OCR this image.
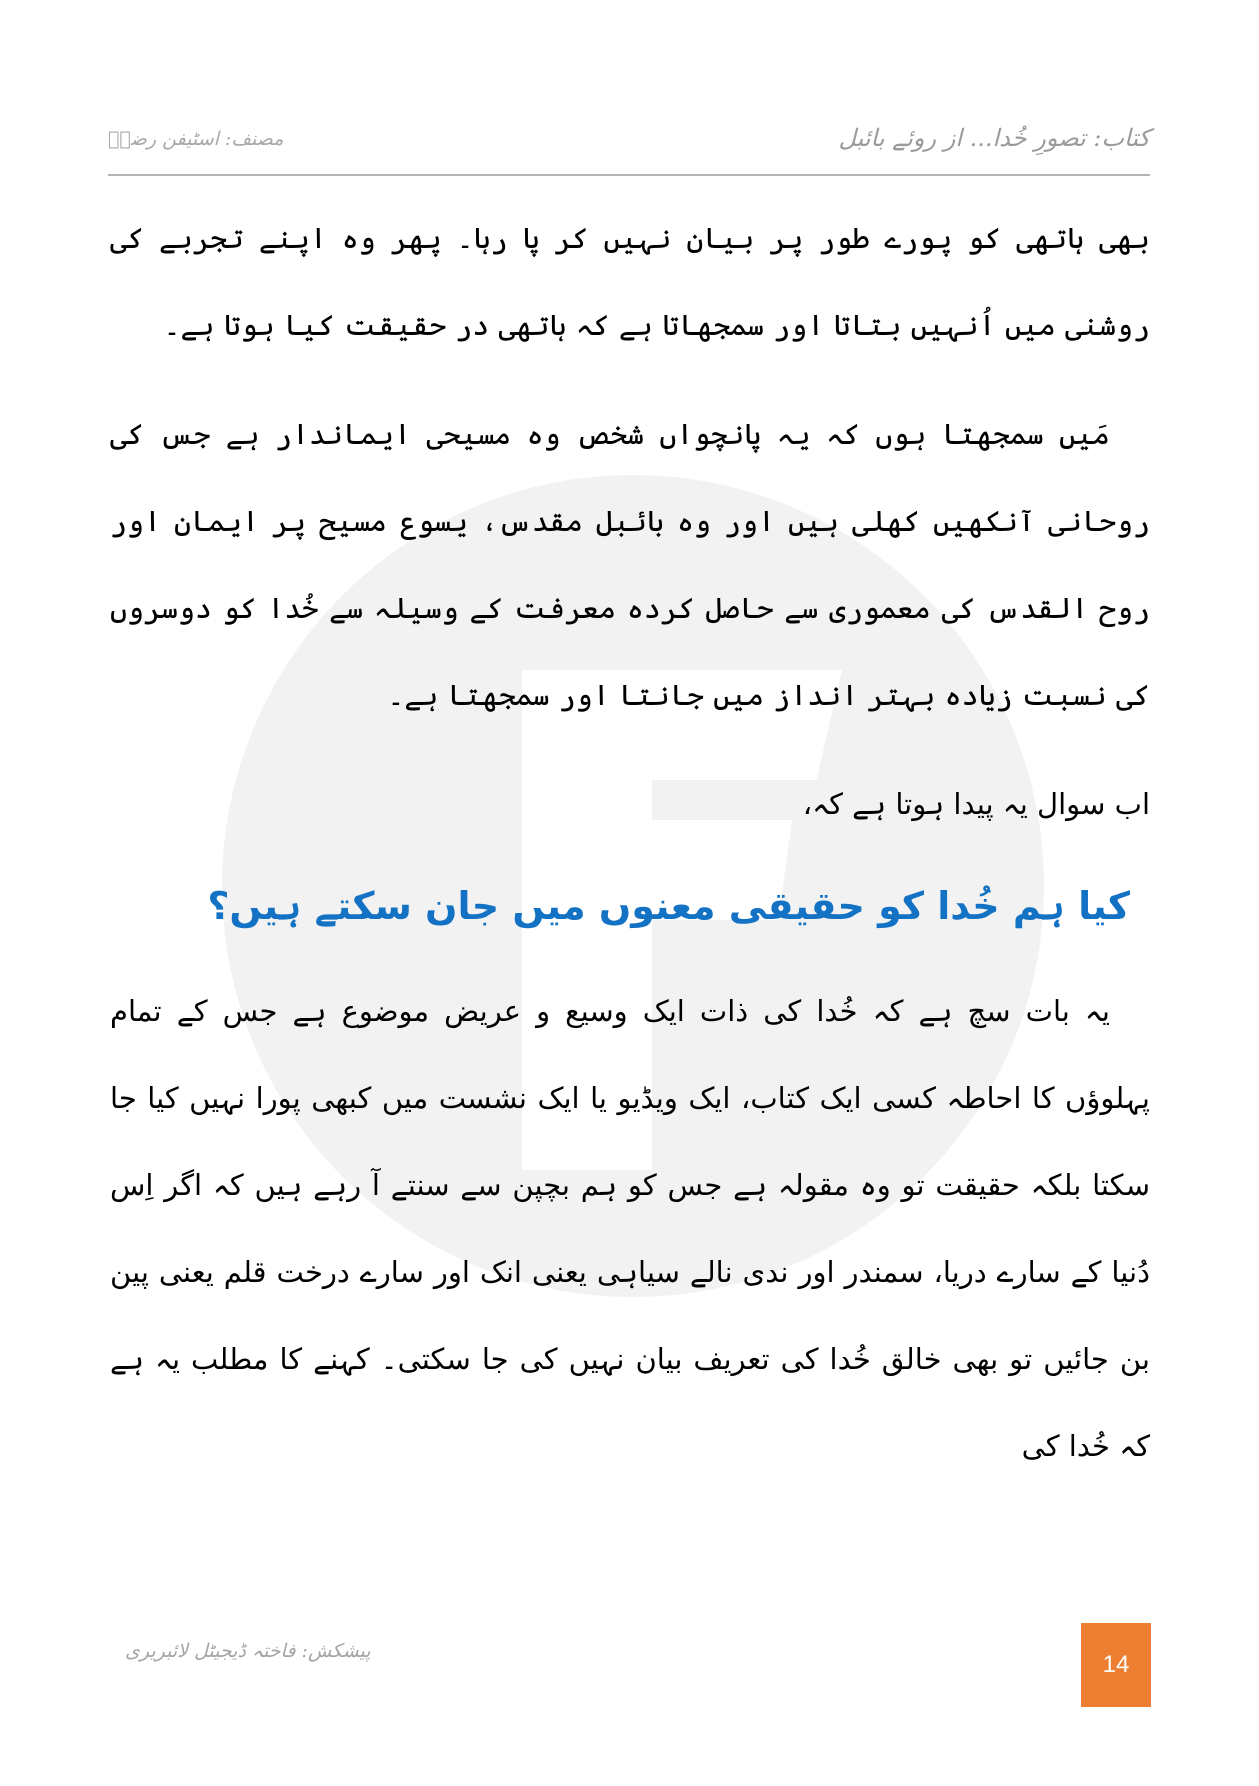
کتاب: تصورِ خُدا... از روئے بائبل
مصنف: اسٹیفن رضاؔ

بھی ہاتھی کو پورے طور پر بیان نہیں کر پا رہا۔ پھر وہ اپنے تجربے کی روشنی میں اُنہیں بتاتا اور سمجھاتا ہے کہ ہاتھی در حقیقت کیا ہوتا ہے۔

مَیں سمجھتا ہوں کہ یہ پانچواں شخص وہ مسیحی ایماندار ہے جس کی روحانی آنکھیں کھلی ہیں اور وہ بائبل مقدس، یسوع مسیح پر ایمان اور روح القدس کی معموری سے حاصل کردہ معرفت کے وسیلہ سے خُدا کو دوسروں کی نسبت زیادہ بہتر انداز میں جانتا اور سمجھتا ہے۔

اب سوال یہ پیدا ہوتا ہے کہ،

کیا ہم خُدا کو حقیقی معنوں میں جان سکتے ہیں؟

یہ بات سچ ہے کہ خُدا کی ذات ایک وسیع و عریض موضوع ہے جس کے تمام پہلوؤں کا احاطہ کسی ایک کتاب، ایک ویڈیو یا ایک نشست میں کبھی پورا نہیں کیا جا سکتا بلکہ حقیقت تو وہ مقولہ ہے جس کو ہم بچپن سے سنتے آ رہے ہیں کہ اگر اِس دُنیا کے سارے دریا، سمندر اور ندی نالے سیاہی یعنی انک اور سارے درخت قلم یعنی پین بن جائیں تو بھی خالق خُدا کی تعریف بیان نہیں کی جا سکتی۔ کہنے کا مطلب یہ ہے کہ خُدا کی

پیشکش: فاختہ ڈیجیٹل لائبریری	14
